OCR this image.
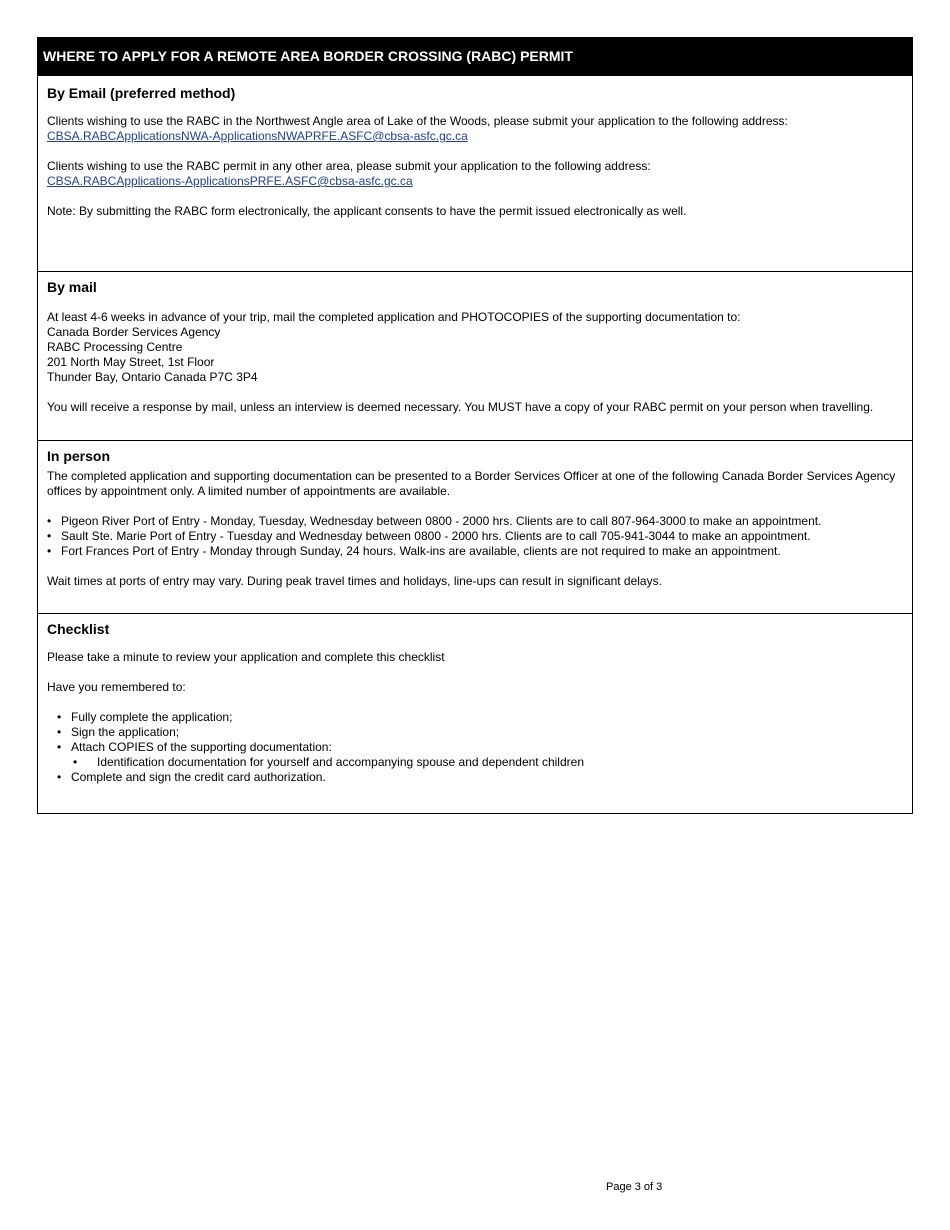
WHERE TO APPLY FOR A REMOTE AREA BORDER CROSSING (RABC) PERMIT
By Email (preferred method)

Clients wishing to use the RABC in the Northwest Angle area of Lake of the Woods, please submit your application to the following address:

CBSA.RABCApplicationsNWA-ApplicationsNWAPRFE.ASFC@cbsa-asfc.gc.ca

Clients wishing to use the RABC permit in any other area, please submit your application to the following address:

CBSA.RABCApplications-ApplicationsPRFE.ASFC@cbsa-asfc.gc.ca

Note: By submitting the RABC form electronically, the applicant consents to have the permit issued electronically as well.

By mail

At least 4-6 weeks in advance of your trip, mail the completed application and PHOTOCOPIES of the supporting documentation to:

Canada Border Services Agency

RABC Processing Centre

201 North May Street, 1st Floor

Thunder Bay, Ontario Canada P7C 3P4

You will receive a response by mail, unless an interview is deemed necessary. You MUST have a copy of your RABC permit on your person when travelling.

In person

The completed application and supporting documentation can be presented to a Border Services Officer at one of the following Canada Border Services Agency offices by appointment only. A limited number of appointments are available.

• Pigeon River Port of Entry - Monday, Tuesday, Wednesday between 0800 - 2000 hrs. Clients are to call 807-964-3000 to make an appointment.
• Sault Ste. Marie Port of Entry - Tuesday and Wednesday between 0800 - 2000 hrs. Clients are to call 705-941-3044 to make an appointment.
• Fort Frances Port of Entry - Monday through Sunday, 24 hours. Walk-ins are available, clients are not required to make an appointment.

Wait times at ports of entry may vary. During peak travel times and holidays, line-ups can result in significant delays.

Checklist

Please take a minute to review your application and complete this checklist

Have you remembered to:

• Fully complete the application;
• Sign the application;
• Attach COPIES of the supporting documentation:
• Identification documentation for yourself and accompanying spouse and dependent children
• Complete and sign the credit card authorization.
Page 3 of 3
